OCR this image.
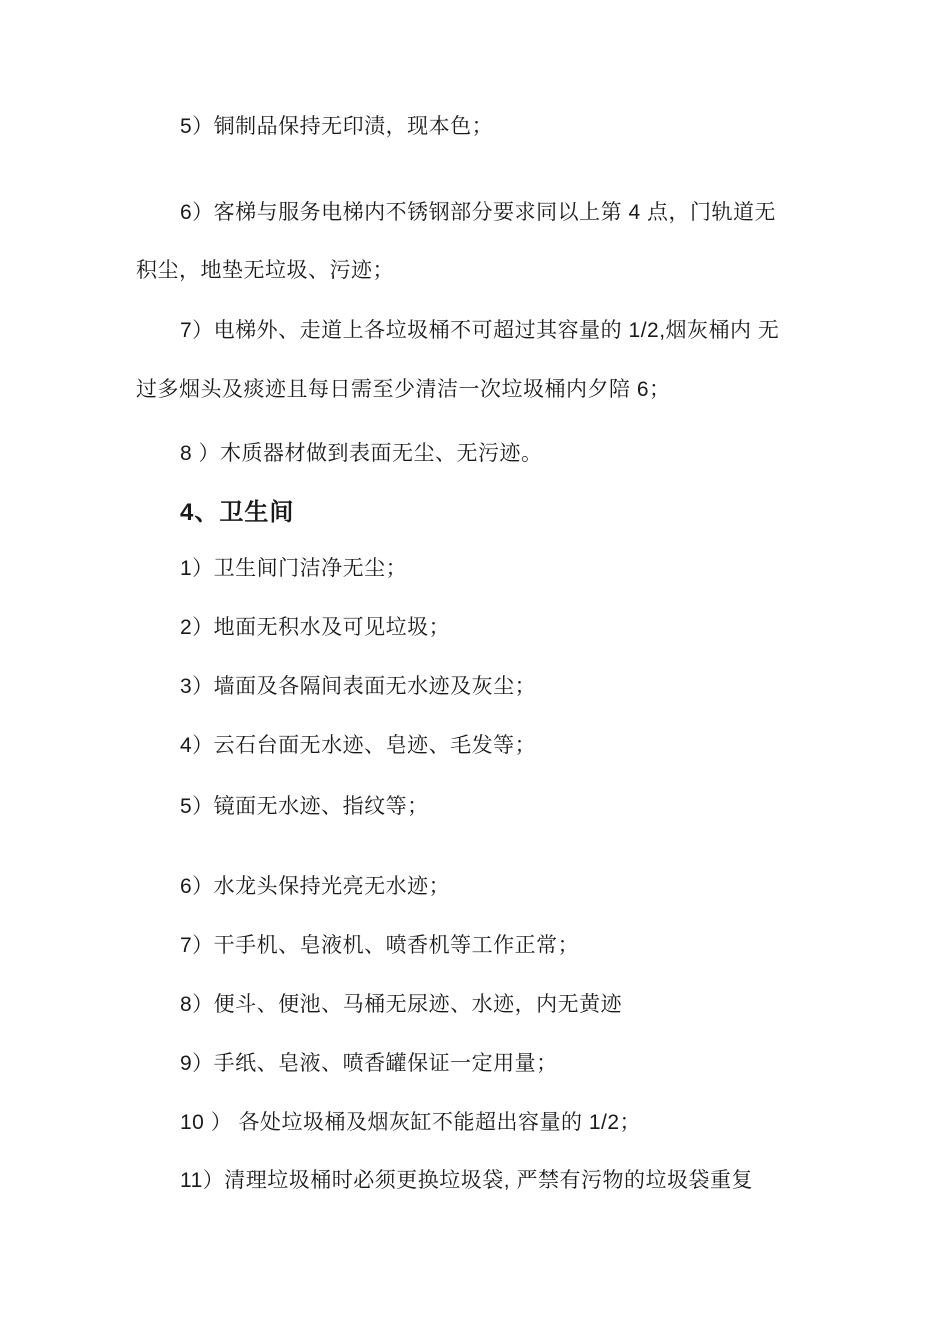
5）铜制品保持无印渍，现本色；
6）客梯与服务电梯内不锈钢部分要求同以上第 4 点，门轨道无
积尘，地垫无垃圾、污迹；
7）电梯外、走道上各垃圾桶不可超过其容量的 1/2,烟灰桶内 无
过多烟头及痰迹且每日需至少清洁一次垃圾桶内夕陪 6；
8 ）木质器材做到表面无尘、无污迹。
4、卫生间
1）卫生间门洁净无尘；
2）地面无积水及可见垃圾；
3）墙面及各隔间表面无水迹及灰尘；
4）云石台面无水迹、皂迹、毛发等；
5）镜面无水迹、指纹等；
6）水龙头保持光亮无水迹；
7）干手机、皂液机、喷香机等工作正常；
8）便斗、便池、马桶无尿迹、水迹，内无黄迹
9）手纸、皂液、喷香罐保证一定用量；
10 ） 各处垃圾桶及烟灰缸不能超出容量的 1/2；
11）清理垃圾桶时必须更换垃圾袋, 严禁有污物的垃圾袋重复
